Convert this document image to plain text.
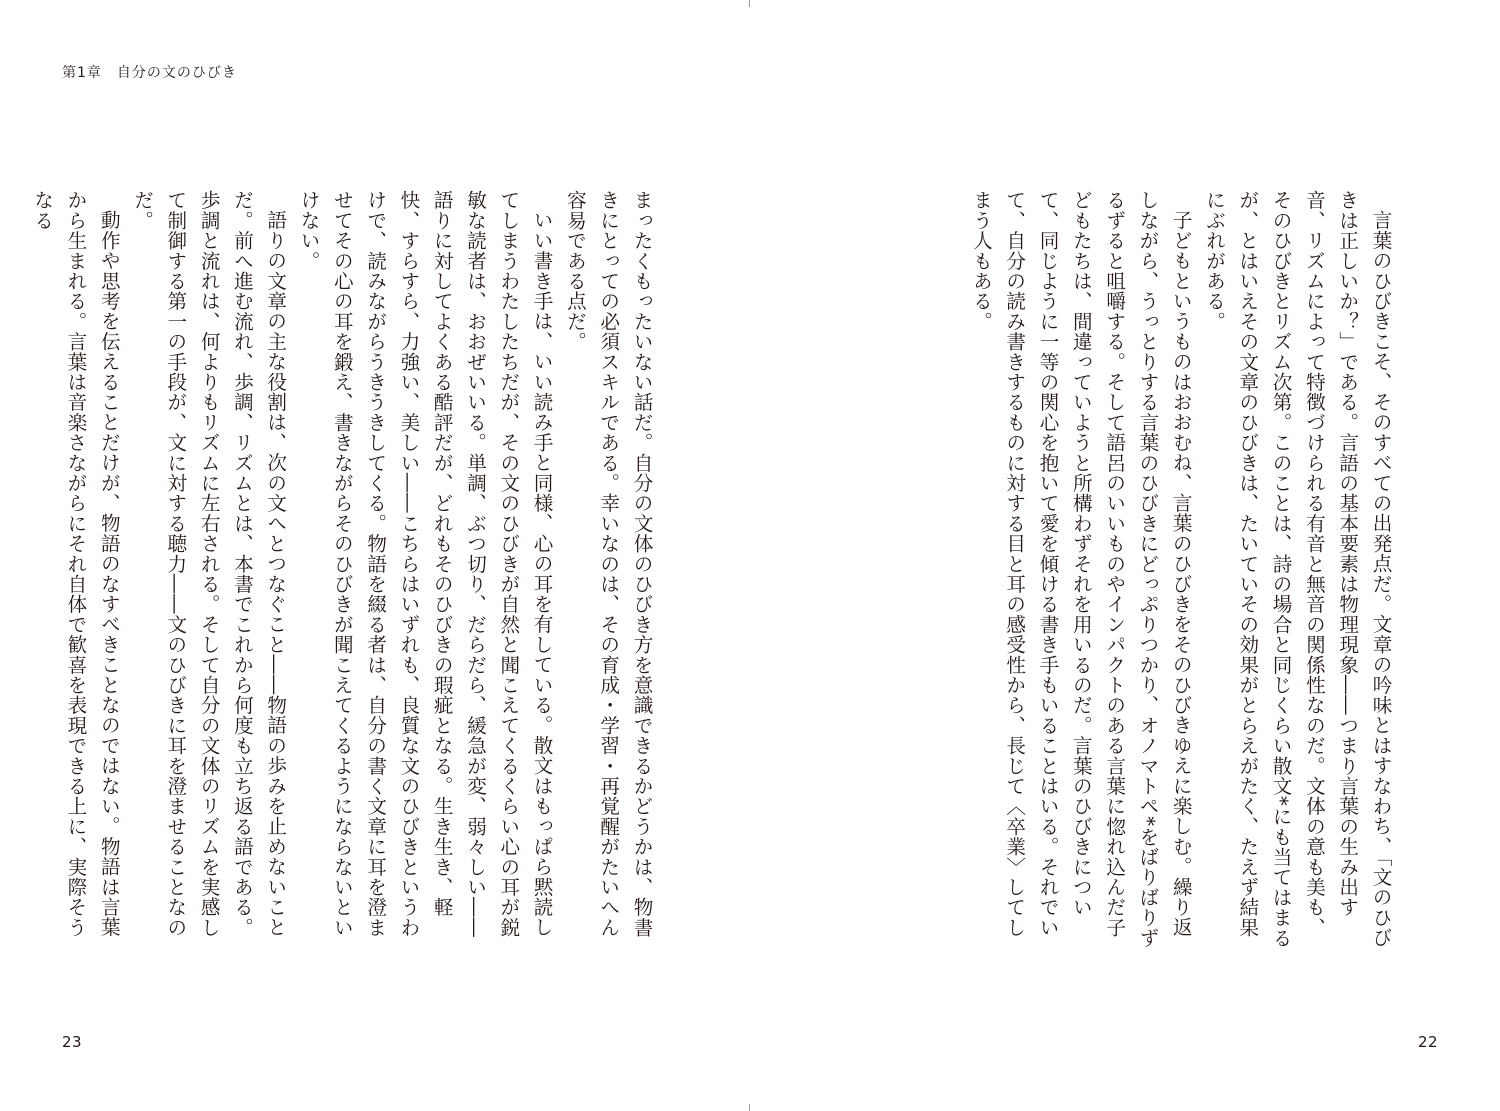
第1章　自分の文のひびき

まったくもったいない話だ。自分の文体のひびき方を意識できるかどうかは、物書きにとっての必須スキルである。幸いなのは、その育成・学習・再覚醒がたいへん容易である点だ。

いい書き手は、いい読み手と同様、心の耳を有している。散文はもっぱら黙読してしまうわたしたちだが、その文のひびきが自然と聞こえてくるくらい心の耳が鋭敏な読者は、おおぜいいる。単調、ぶつ切り、だらだら、緩急が変、弱々しい――語りに対してよくある酷評だが、どれもそのひびきの瑕疵となる。生き生き、軽快、すらすら、力強い、美しい――こちらはいずれも、良質な文のひびきというわけで、読みながらうきうきしてくる。物語を綴る者は、自分の書く文章に耳を澄ませてその心の耳を鍛え、書きながらそのひびきが聞こえてくるようにならないといけない。

語りの文章の主な役割は、次の文へとつなぐこと――物語の歩みを止めないことだ。前へ進む流れ、歩調、リズムとは、本書でこれから何度も立ち返る語である。歩調と流れは、何よりもリズムに左右される。そして自分の文体のリズムを実感して制御する第一の手段が、文に対する聴力――文のひびきに耳を澄ませることなのだ。

動作や思考を伝えることだけが、物語のなすべきことなのではない。物語は言葉から生まれる。言葉は音楽さながらにそれ自体で歓喜を表現できる上に、実際そうなる

23

言葉のひびきこそ、そのすべての出発点だ。文章の吟味とはすなわち、「文のひびきは正しいか？」である。言語の基本要素は物理現象――つまり言葉の生み出す音、リズムによって特徴づけられる有音と無音の関係性なのだ。文体の意も美も、そのひびきとリズム次第。このことは、詩の場合と同じくらい散文*にも当てはまるが、とはいえその文章のひびきは、たいていその効果がとらえがたく、たえず結果にぶれがある。

子どもというものはおおむね、言葉のひびきをそのひびきゆえに楽しむ。繰り返しながら、うっとりする言葉のひびきにどっぷりつかり、オノマトペ*をばりばりずるずると咀嚼する。そして語呂のいいものやインパクトのある言葉に惚れ込んだ子どもたちは、間違っていようと所構わずそれを用いるのだ。言葉のひびきについて、同じように一等の関心を抱いて愛を傾ける書き手もいることはいる。それでいて、自分の読み書きするものに対する目と耳の感受性から、長じて〈卒業〉してしまう人もある。

22
